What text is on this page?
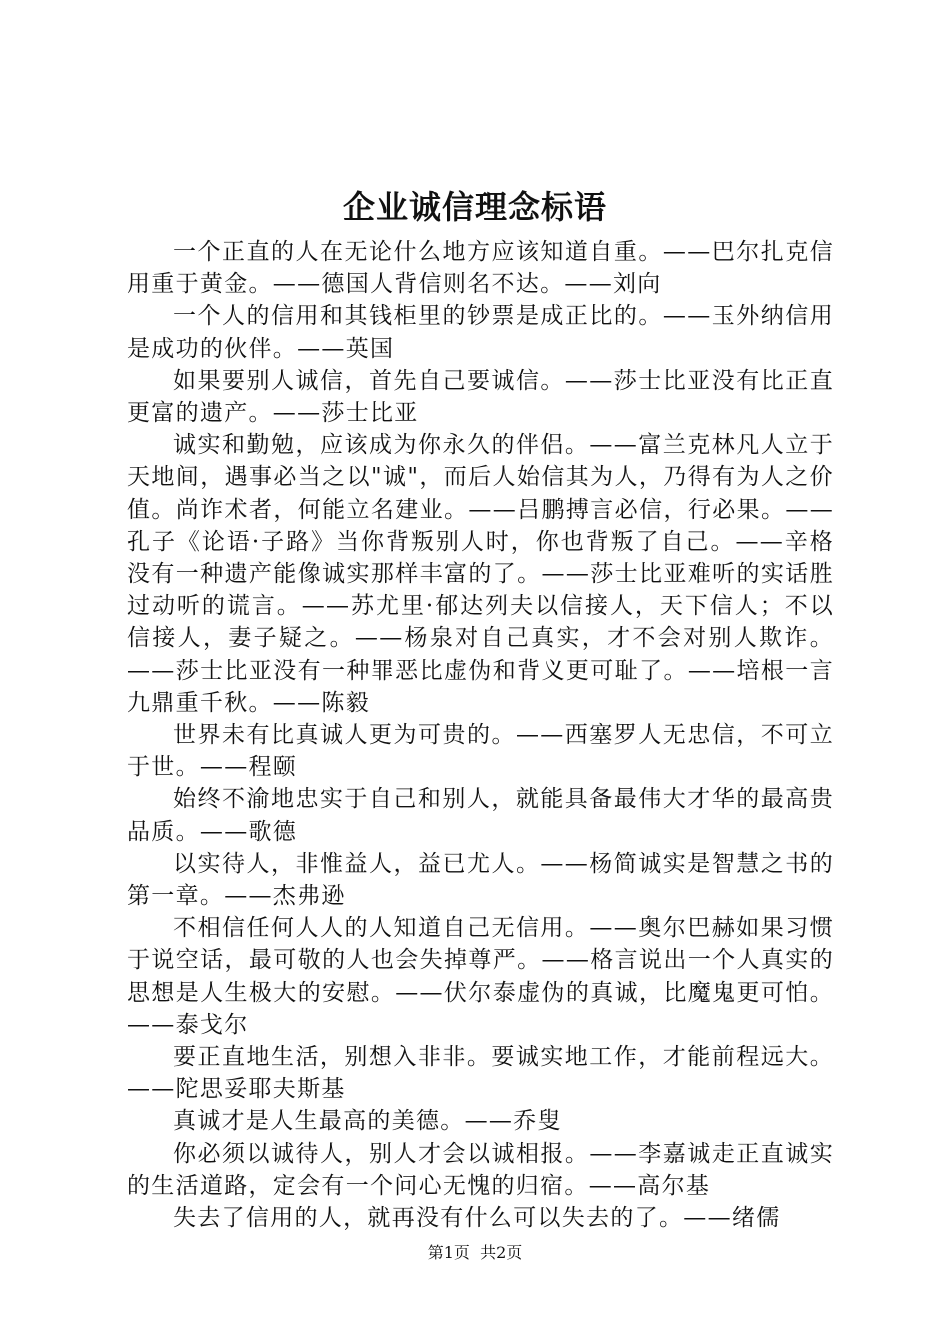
企业诚信理念标语

一个正直的人在无论什么地方应该知道自重。——巴尔扎克信用重于黄金。——德国人背信则名不达。——刘向

一个人的信用和其钱柜里的钞票是成正比的。——玉外纳信用是成功的伙伴。——英国

如果要别人诚信，首先自己要诚信。——莎士比亚没有比正直更富的遗产。——莎士比亚

诚实和勤勉，应该成为你永久的伴侣。——富兰克林凡人立于天地间，遇事必当之以"诚"，而后人始信其为人，乃得有为人之价值。尚诈术者，何能立名建业。——吕鹏搏言必信，行必果。——孔子《论语·子路》当你背叛别人时，你也背叛了自己。——辛格没有一种遗产能像诚实那样丰富的了。——莎士比亚难听的实话胜过动听的谎言。——苏尤里·郁达列夫以信接人，天下信人；不以信接人，妻子疑之。——杨泉对自己真实，才不会对别人欺诈。——莎士比亚没有一种罪恶比虚伪和背义更可耻了。——培根一言九鼎重千秋。——陈毅

世界未有比真诚人更为可贵的。——西塞罗人无忠信，不可立于世。——程颐

始终不渝地忠实于自己和别人，就能具备最伟大才华的最高贵品质。——歌德

以实待人，非惟益人，益已尤人。——杨简诚实是智慧之书的第一章。——杰弗逊

不相信任何人人的人知道自己无信用。——奥尔巴赫如果习惯于说空话，最可敬的人也会失掉尊严。——格言说出一个人真实的思想是人生极大的安慰。——伏尔泰虚伪的真诚，比魔鬼更可怕。——泰戈尔

要正直地生活，别想入非非。要诚实地工作，才能前程远大。——陀思妥耶夫斯基

真诚才是人生最高的美德。——乔叟

你必须以诚待人，别人才会以诚相报。——李嘉诚走正直诚实的生活道路，定会有一个问心无愧的归宿。——高尔基

失去了信用的人，就再没有什么可以失去的了。——绪儒

第1页 共2页
